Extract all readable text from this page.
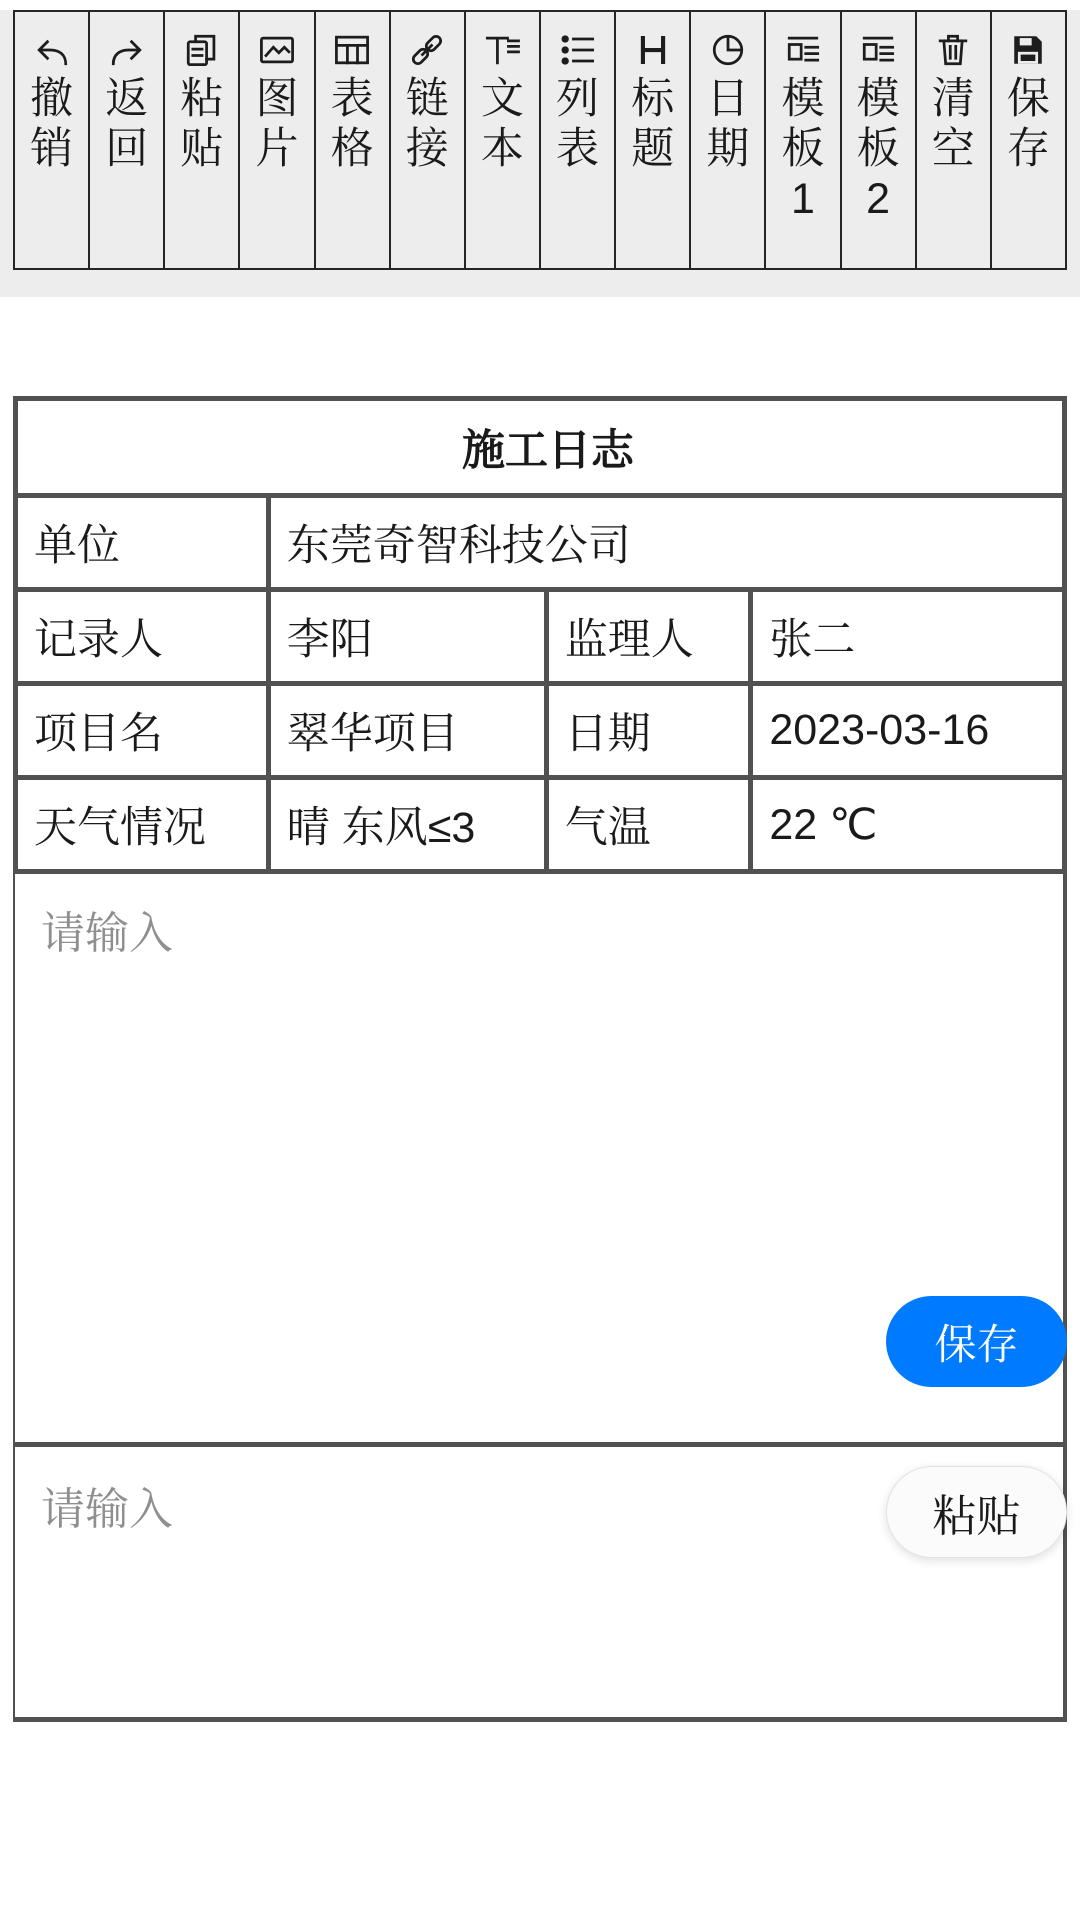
撤销
返回
粘贴
图片
表格
链接
文本
列表
标题
日期
模板1
模板2
清空
保存
施工日志			
单位	东莞奇智科技公司		
记录人	李阳	监理人	张二
项目名	翠华项目	日期	2023-03-16
天气情况	晴 东风≤3	气温	22 ℃
请输入
保存
请输入	粘贴
